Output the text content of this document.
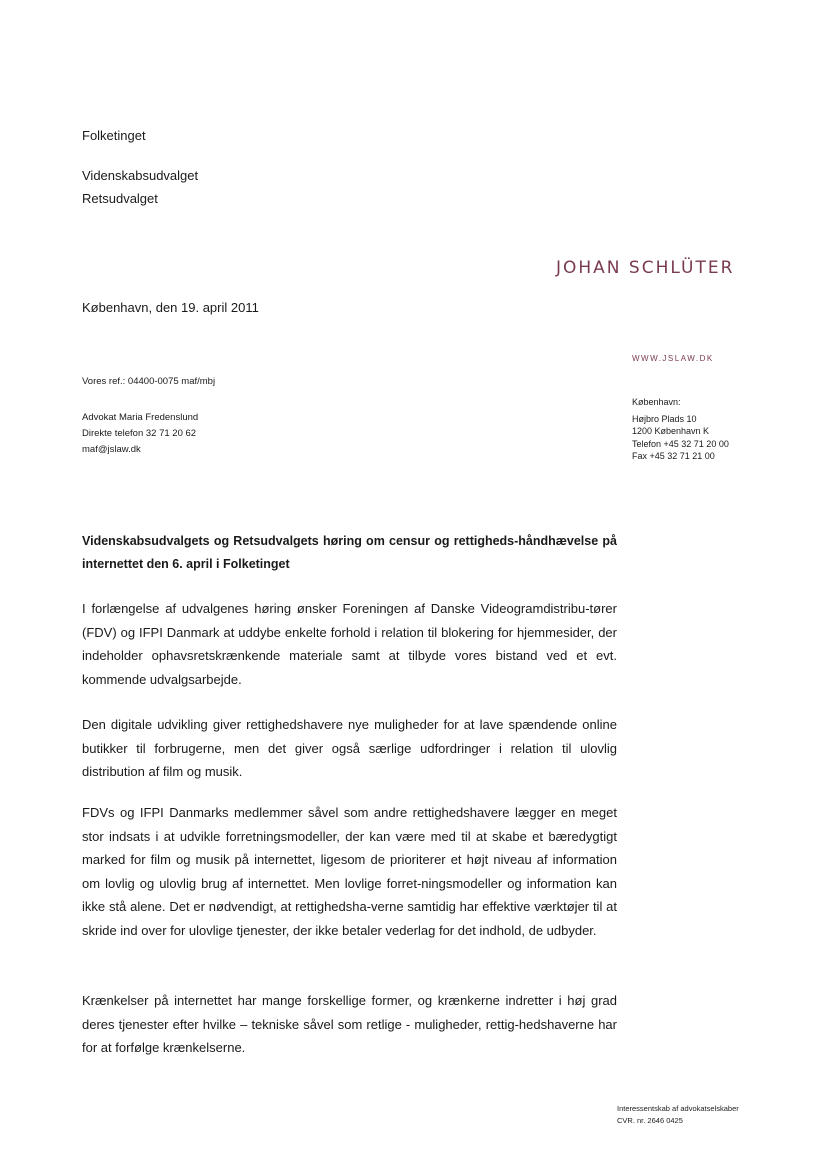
Folketinget
Videnskabsudvalget
Retsudvalget
JOHAN SCHLÜTER
København, den 19. april 2011
WWW.JSLAW.DK
Vores ref.: 04400-0075 maf/mbj
Advokat Maria Fredenslund
Direkte telefon 32 71 20 62
maf@jslaw.dk
København:
Højbro Plads 10
1200 København K
Telefon +45 32 71 20 00
Fax +45 32 71 21 00
Videnskabsudvalgets og Retsudvalgets høring om censur og rettigheds-håndhævelse på internettet den 6. april i Folketinget

I forlængelse af udvalgenes høring ønsker Foreningen af Danske Videogramdistribu-tører (FDV) og IFPI Danmark at uddybe enkelte forhold i relation til blokering for hjemmesider, der indeholder ophavsretskrænkende materiale samt at tilbyde vores bistand ved et evt. kommende udvalgsarbejde.

Den digitale udvikling giver rettighedshavere nye muligheder for at lave spændende online butikker til forbrugerne, men det giver også særlige udfordringer i relation til ulovlig distribution af film og musik.

FDVs og IFPI Danmarks medlemmer såvel som andre rettighedshavere lægger en meget stor indsats i at udvikle forretningsmodeller, der kan være med til at skabe et bæredygtigt marked for film og musik på internettet, ligesom de prioriterer et højt niveau af information om lovlig og ulovlig brug af internettet. Men lovlige forret-ningsmodeller og information kan ikke stå alene. Det er nødvendigt, at rettighedsha-verne samtidig har effektive værktøjer til at skride ind over for ulovlige tjenester, der ikke betaler vederlag for det indhold, de udbyder.

Krænkelser på internettet har mange forskellige former, og krænkerne indretter i høj grad deres tjenester efter hvilke – tekniske såvel som retlige - muligheder, rettig-hedshaverne har for at forfølge krænkelserne.

Interessentskab af advokatselskaber
CVR. nr. 2646 0425
